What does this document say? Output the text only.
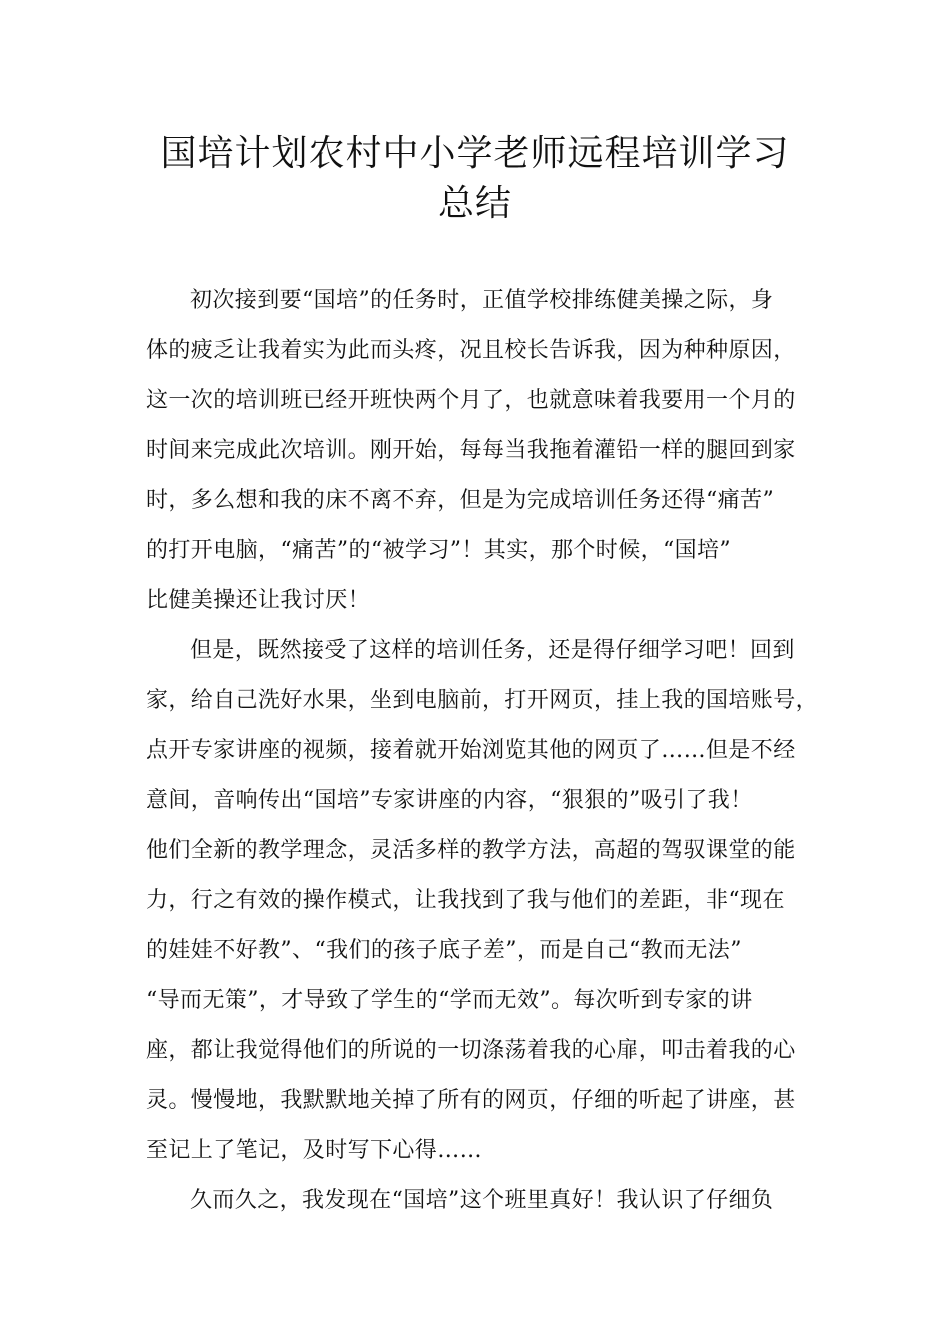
国培计划农村中小学老师远程培训学习
总结
初次接到要“国培”的任务时，正值学校排练健美操之际，身
体的疲乏让我着实为此而头疼，况且校长告诉我，因为种种原因，
这一次的培训班已经开班快两个月了，也就意味着我要用一个月的
时间来完成此次培训。刚开始，每每当我拖着灌铅一样的腿回到家
时，多么想和我的床不离不弃，但是为完成培训任务还得“痛苦”
的打开电脑，“痛苦”的“被学习”！其实，那个时候，“国培”
比健美操还让我讨厌！
但是，既然接受了这样的培训任务，还是得仔细学习吧！回到
家，给自己洗好水果，坐到电脑前，打开网页，挂上我的国培账号，
点开专家讲座的视频，接着就开始浏览其他的网页了……但是不经
意间，音响传出“国培”专家讲座的内容，“狠狠的”吸引了我！
他们全新的教学理念，灵活多样的教学方法，高超的驾驭课堂的能
力，行之有效的操作模式，让我找到了我与他们的差距，非“现在
的娃娃不好教”、“我们的孩子底子差”，而是自己“教而无法”
“导而无策”，才导致了学生的“学而无效”。每次听到专家的讲
座，都让我觉得他们的所说的一切涤荡着我的心扉，叩击着我的心
灵。慢慢地，我默默地关掉了所有的网页，仔细的听起了讲座，甚
至记上了笔记，及时写下心得……
久而久之，我发现在“国培”这个班里真好！我认识了仔细负
